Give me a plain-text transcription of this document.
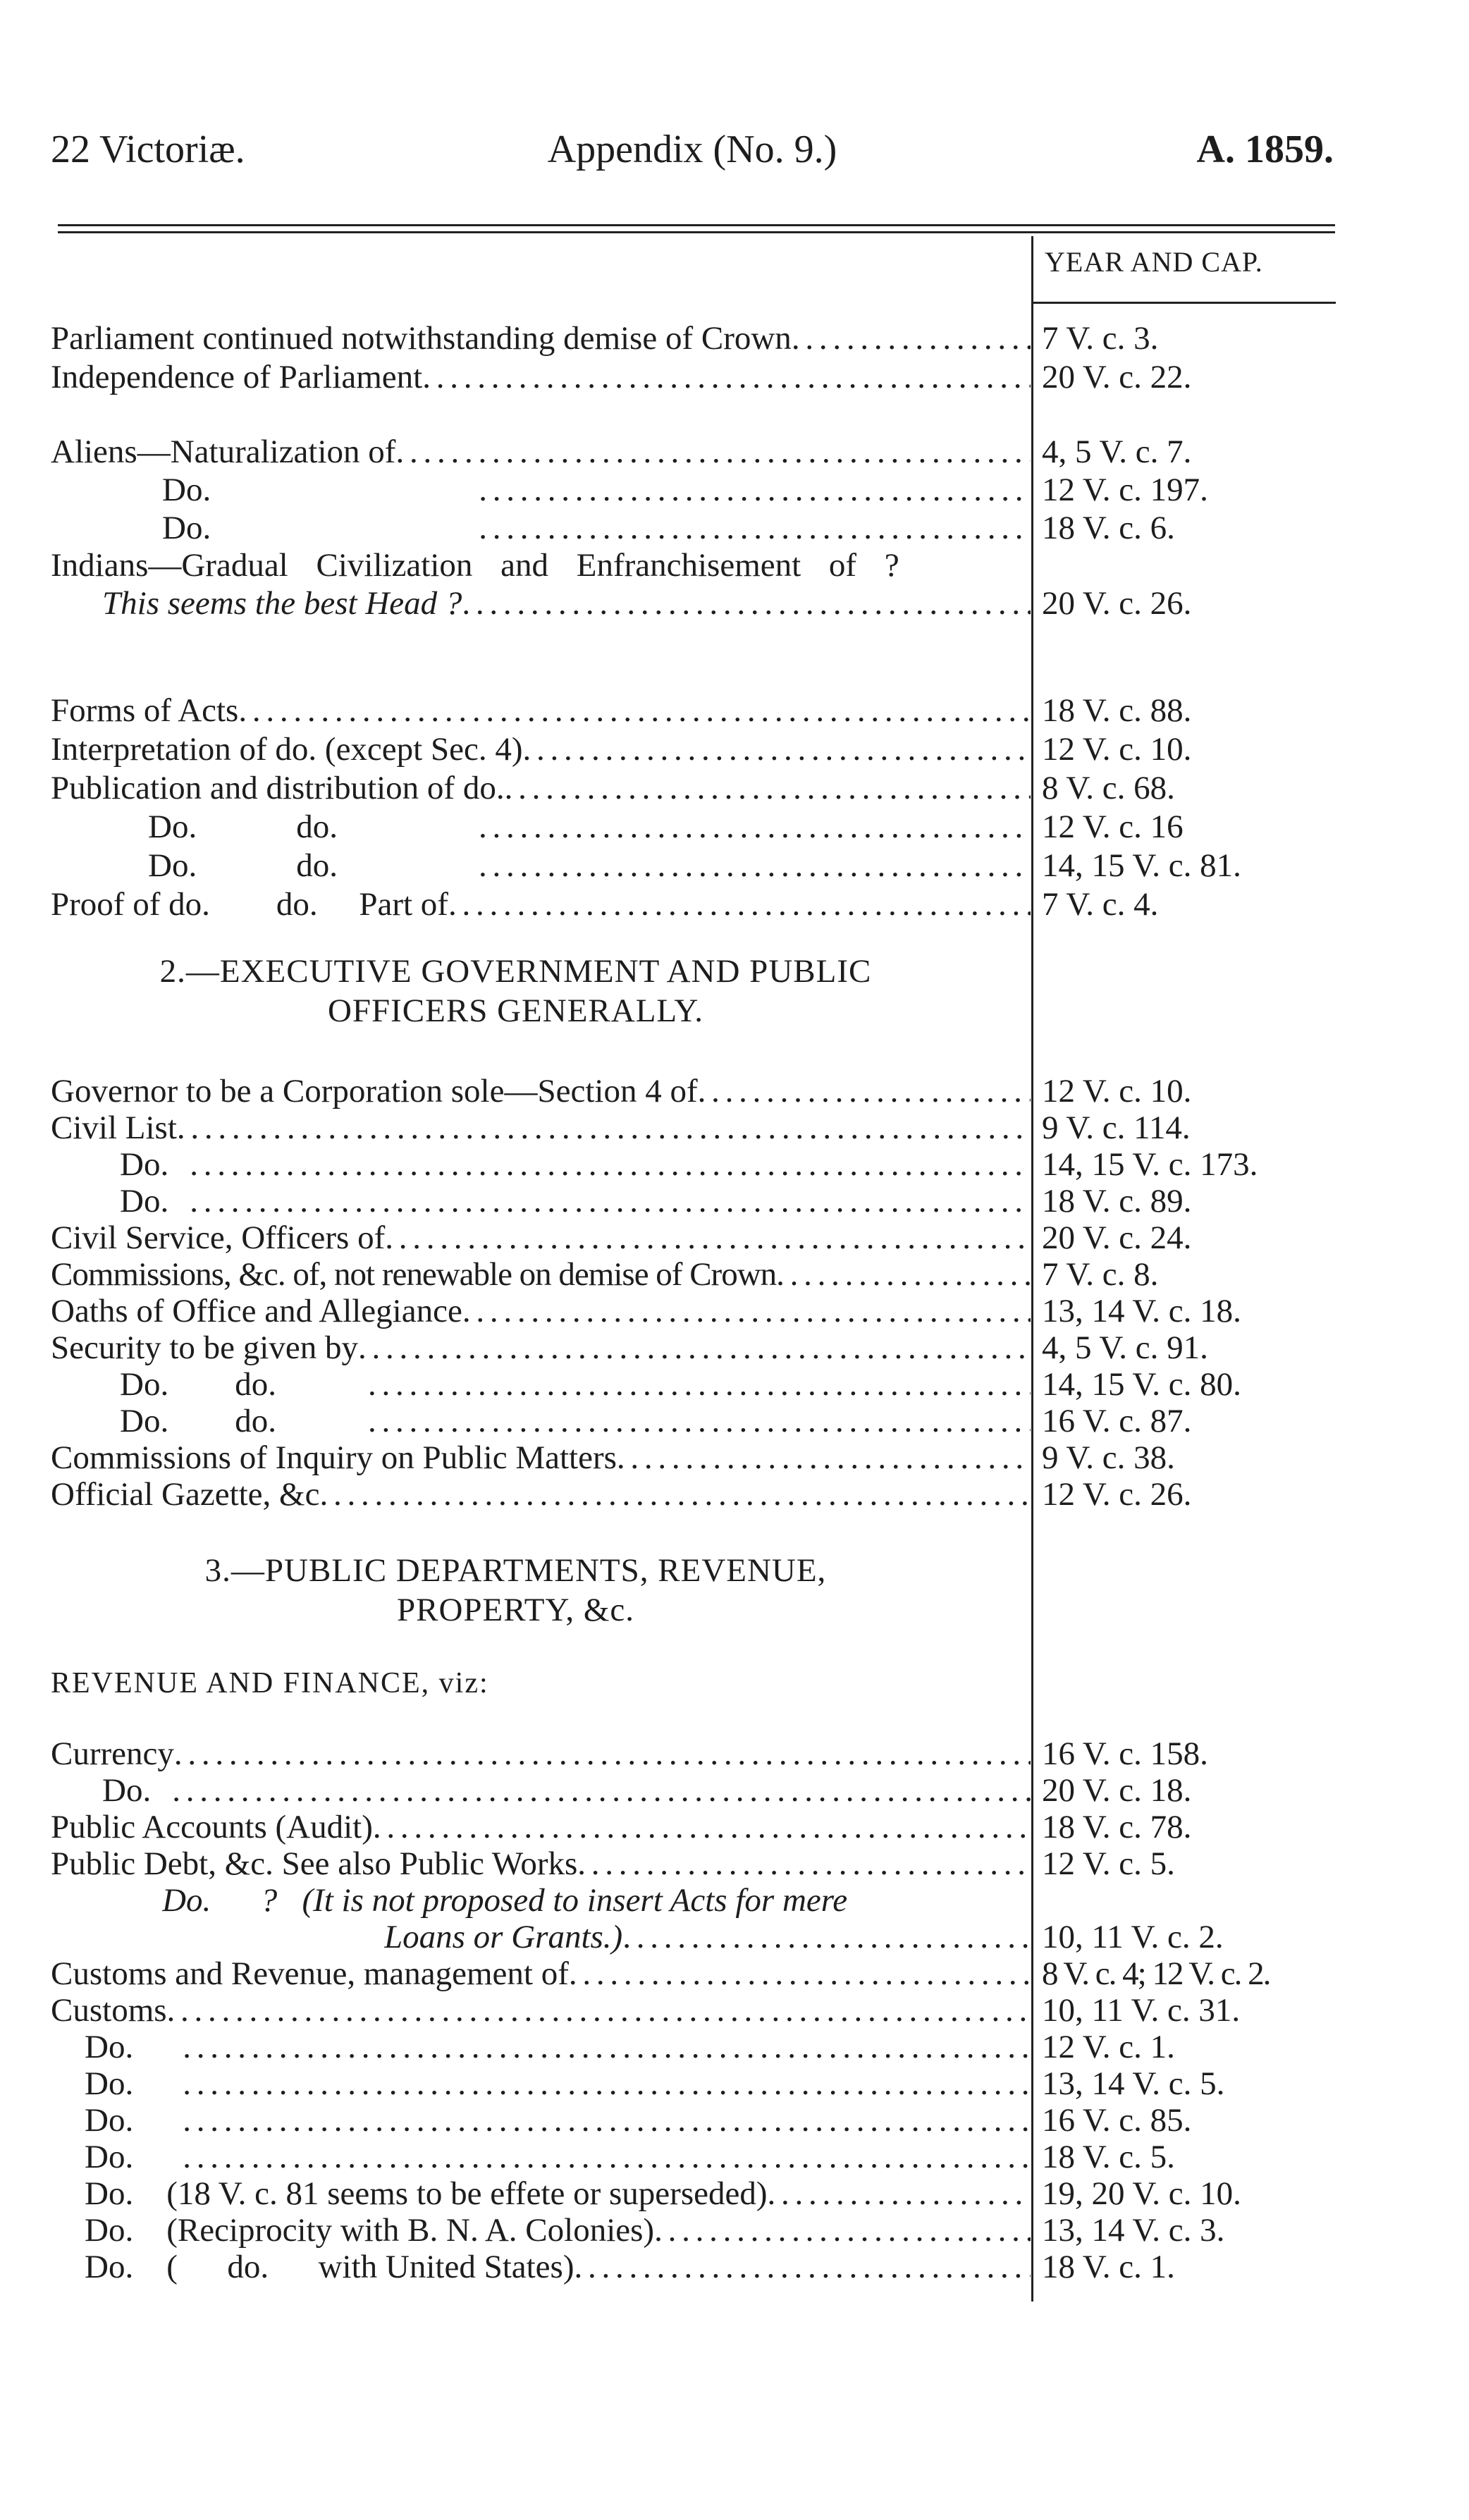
22 Victoriæ.	Appendix (No. 9.)	A. 1859.
YEAR AND CAP.
Parliament continued notwithstanding demise of Crown . . .	7 V. c. 3.
Independence of Parliament . . .	20 V. c. 22.
Aliens—Naturalization of . . .	4, 5 V. c. 7.
Do. . . .	12 V. c. 197.
Do. . . .	18 V. c. 6.
Indians—Gradual Civilization and Enfranchisement of ?
This seems the best Head ? . . .	20 V. c. 26.
Forms of Acts . . .	18 V. c. 88.
Interpretation of do. (except Sec. 4) . . .	12 V. c. 10.
Publication and distribution of do. . . .	8 V. c. 68.
Do.            do. . . .	12 V. c. 16
Do.            do. . . .	14, 15 V. c. 81.
Proof of do.        do.     Part of . . .	7 V. c. 4.
2.—EXECUTIVE GOVERNMENT AND PUBLIC
OFFICERS GENERALLY.
Governor to be a Corporation sole—Section 4 of . . .	12 V. c. 10.
Civil List . . .	9 V. c. 114.
Do. . . .	14, 15 V. c. 173.
Do. . . .	18 V. c. 89.
Civil Service, Officers of . . .	20 V. c. 24.
Commissions, &c. of, not renewable on demise of Crown . . .	7 V. c. 8.
Oaths of Office and Allegiance . . .	13, 14 V. c. 18.
Security to be given by . . .	4, 5 V. c. 91.
Do.        do. . . .	14, 15 V. c. 80.
Do.        do. . . .	16 V. c. 87.
Commissions of Inquiry on Public Matters . . .	9 V. c. 38.
Official Gazette, &c . . .	12 V. c. 26.
3.—PUBLIC DEPARTMENTS, REVENUE,
PROPERTY, &c.
REVENUE AND FINANCE, viz:
Currency . . .	16 V. c. 158.
Do. . . .	20 V. c. 18.
Public Accounts (Audit) . . .	18 V. c. 78.
Public Debt, &c. See also Public Works . . .	12 V. c. 5.
Do.      ?   (It is not proposed to insert Acts for mere
Loans or Grants.) . . .	10, 11 V. c. 2.
Customs and Revenue, management of . . .	8 V. c. 4; 12 V. c. 2.
Customs . . .	10, 11 V. c. 31.
Do. . . .	12 V. c. 1.
Do. . . .	13, 14 V. c. 5.
Do. . . .	16 V. c. 85.
Do. . . .	18 V. c. 5.
Do.    (18 V. c. 81 seems to be effete or superseded) . . .	19, 20 V. c. 10.
Do.    (Reciprocity with B. N. A. Colonies) . . .	13, 14 V. c. 3.
Do.    (      do.      with United States) . . .	18 V. c. 1.
